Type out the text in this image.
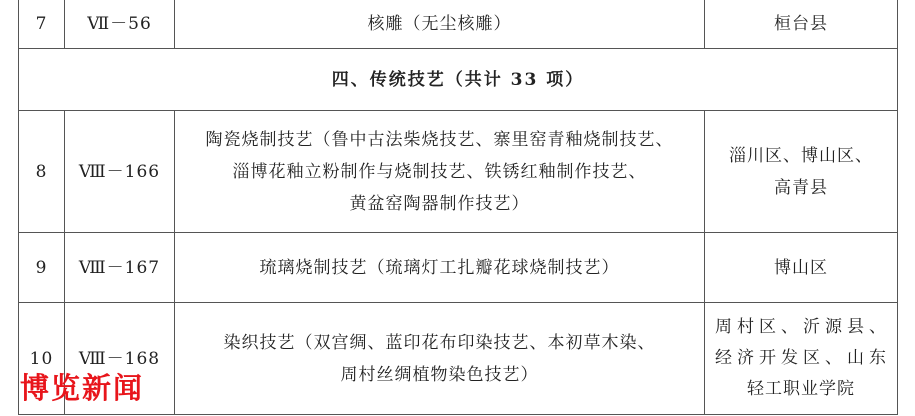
7	Ⅶ－56	核雕（无尘核雕）	桓台县

四、传统技艺（共计 33 项）			
8	Ⅷ－166	陶瓷烧制技艺（鲁中古法柴烧技艺、寨里窑青釉烧制技艺、
淄博花釉立粉制作与烧制技艺、铁锈红釉制作技艺、
黄盆窑陶器制作技艺）	淄川区、博山区、
高青县

9	Ⅷ－167	琉璃烧制技艺（琉璃灯工扎瓣花球烧制技艺）	博山区

10	Ⅷ－168	染织技艺（双宫绸、蓝印花布印染技艺、本初草木染、
周村丝绸植物染色技艺）	周村区、沂源县、
经济开发区、山东
轻工职业学院
博览新闻
